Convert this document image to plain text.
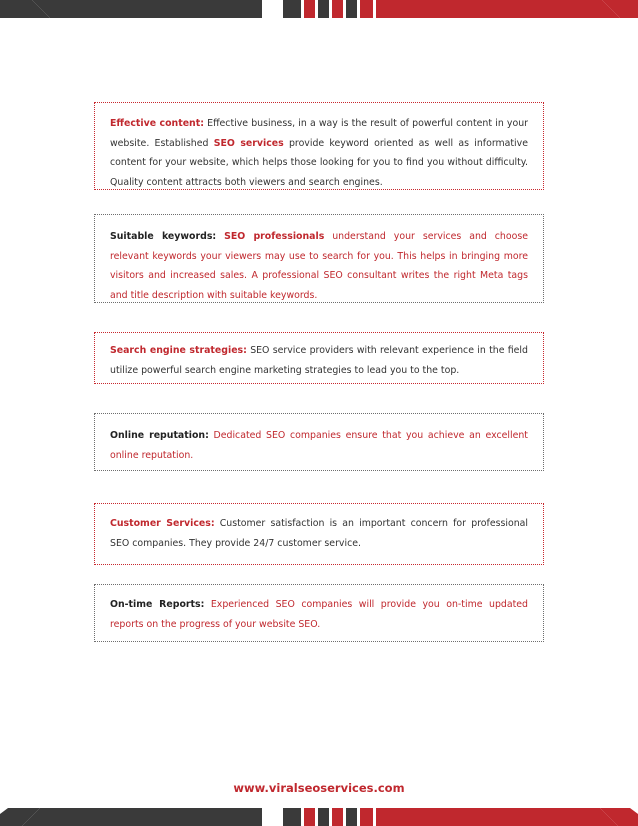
Effective content: Effective business, in a way is the result of powerful content in your website. Established SEO services provide keyword oriented as well as informative content for your website, which helps those looking for you to find you without difficulty. Quality content attracts both viewers and search engines.

Suitable keywords: SEO professionals understand your services and choose relevant keywords your viewers may use to search for you. This helps in bringing more visitors and increased sales. A professional SEO consultant writes the right Meta tags and title description with suitable keywords.

Search engine strategies: SEO service providers with relevant experience in the field utilize powerful search engine marketing strategies to lead you to the top.

Online reputation: Dedicated SEO companies ensure that you achieve an excellent online reputation.

Customer Services: Customer satisfaction is an important concern for professional SEO companies. They provide 24/7 customer service.

On-time Reports: Experienced SEO companies will provide you on-time updated reports on the progress of your website SEO.

www.viralseoservices.com
